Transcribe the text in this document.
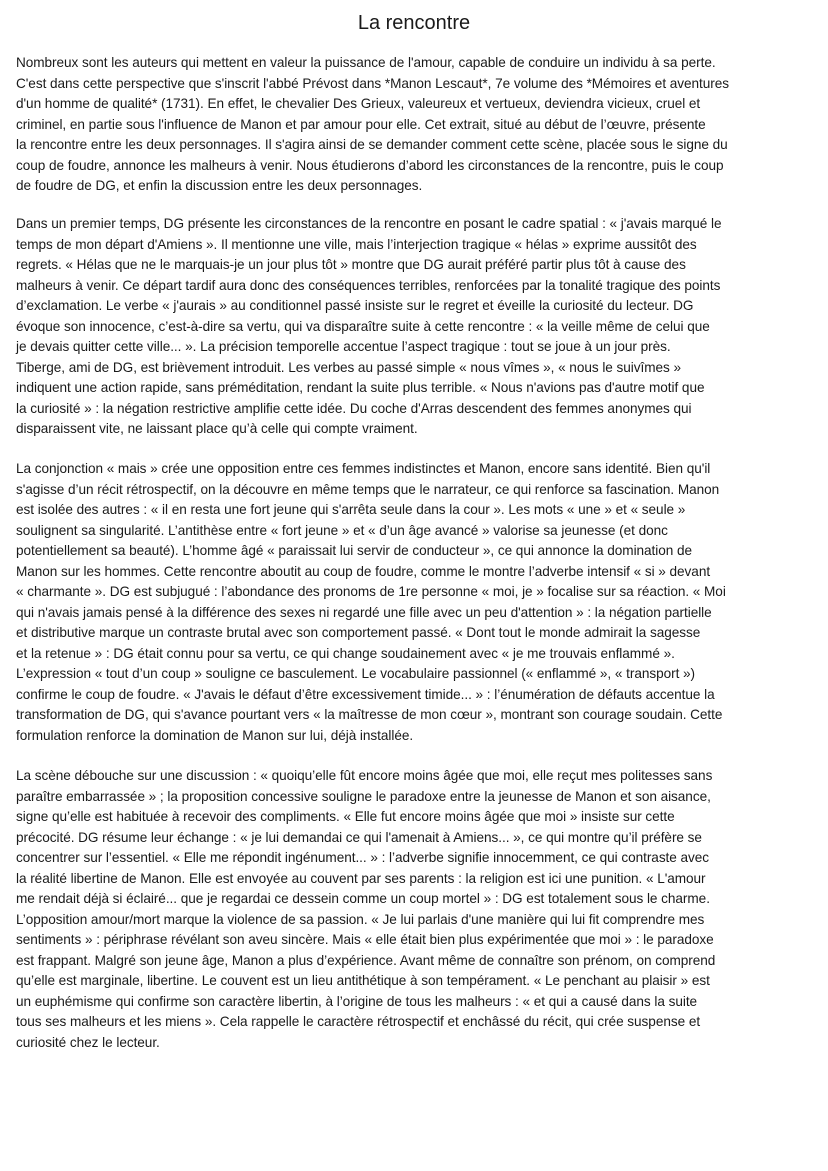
La rencontre
Nombreux sont les auteurs qui mettent en valeur la puissance de l'amour, capable de conduire un individu à sa perte.
C'est dans cette perspective que s'inscrit l'abbé Prévost dans *Manon Lescaut*, 7e volume des *Mémoires et aventures
d'un homme de qualité* (1731). En effet, le chevalier Des Grieux, valeureux et vertueux, deviendra vicieux, cruel et
criminel, en partie sous l'influence de Manon et par amour pour elle. Cet extrait, situé au début de l’œuvre, présente
la rencontre entre les deux personnages. Il s'agira ainsi de se demander comment cette scène, placée sous le signe du
coup de foudre, annonce les malheurs à venir. Nous étudierons d’abord les circonstances de la rencontre, puis le coup
de foudre de DG, et enfin la discussion entre les deux personnages.
Dans un premier temps, DG présente les circonstances de la rencontre en posant le cadre spatial : « j'avais marqué le
temps de mon départ d'Amiens ». Il mentionne une ville, mais l’interjection tragique « hélas » exprime aussitôt des
regrets. « Hélas que ne le marquais-je un jour plus tôt » montre que DG aurait préféré partir plus tôt à cause des
malheurs à venir. Ce départ tardif aura donc des conséquences terribles, renforcées par la tonalité tragique des points
d’exclamation. Le verbe « j'aurais » au conditionnel passé insiste sur le regret et éveille la curiosité du lecteur. DG
évoque son innocence, c’est-à-dire sa vertu, qui va disparaître suite à cette rencontre : « la veille même de celui que
je devais quitter cette ville... ». La précision temporelle accentue l’aspect tragique : tout se joue à un jour près.
Tiberge, ami de DG, est brièvement introduit. Les verbes au passé simple « nous vîmes », « nous le suivîmes »
indiquent une action rapide, sans préméditation, rendant la suite plus terrible. « Nous n'avions pas d'autre motif que
la curiosité » : la négation restrictive amplifie cette idée. Du coche d'Arras descendent des femmes anonymes qui
disparaissent vite, ne laissant place qu’à celle qui compte vraiment.
La conjonction « mais » crée une opposition entre ces femmes indistinctes et Manon, encore sans identité. Bien qu'il
s'agisse d’un récit rétrospectif, on la découvre en même temps que le narrateur, ce qui renforce sa fascination. Manon
est isolée des autres : « il en resta une fort jeune qui s'arrêta seule dans la cour ». Les mots « une » et « seule »
soulignent sa singularité. L’antithèse entre « fort jeune » et « d’un âge avancé » valorise sa jeunesse (et donc
potentiellement sa beauté). L’homme âgé « paraissait lui servir de conducteur », ce qui annonce la domination de
Manon sur les hommes. Cette rencontre aboutit au coup de foudre, comme le montre l’adverbe intensif « si » devant
« charmante ». DG est subjugué : l’abondance des pronoms de 1re personne « moi, je » focalise sur sa réaction. « Moi
qui n'avais jamais pensé à la différence des sexes ni regardé une fille avec un peu d'attention » : la négation partielle
et distributive marque un contraste brutal avec son comportement passé. « Dont tout le monde admirait la sagesse
et la retenue » : DG était connu pour sa vertu, ce qui change soudainement avec « je me trouvais enflammé ».
L’expression « tout d’un coup » souligne ce basculement. Le vocabulaire passionnel (« enflammé », « transport »)
confirme le coup de foudre. « J'avais le défaut d’être excessivement timide... » : l’énumération de défauts accentue la
transformation de DG, qui s'avance pourtant vers « la maîtresse de mon cœur », montrant son courage soudain. Cette
formulation renforce la domination de Manon sur lui, déjà installée.
La scène débouche sur une discussion : « quoiqu’elle fût encore moins âgée que moi, elle reçut mes politesses sans
paraître embarrassée » ; la proposition concessive souligne le paradoxe entre la jeunesse de Manon et son aisance,
signe qu’elle est habituée à recevoir des compliments. « Elle fut encore moins âgée que moi » insiste sur cette
précocité. DG résume leur échange : « je lui demandai ce qui l'amenait à Amiens... », ce qui montre qu’il préfère se
concentrer sur l’essentiel. « Elle me répondit ingénument... » : l’adverbe signifie innocemment, ce qui contraste avec
la réalité libertine de Manon. Elle est envoyée au couvent par ses parents : la religion est ici une punition. « L'amour
me rendait déjà si éclairé... que je regardai ce dessein comme un coup mortel » : DG est totalement sous le charme.
L’opposition amour/mort marque la violence de sa passion. « Je lui parlais d'une manière qui lui fit comprendre mes
sentiments » : périphrase révélant son aveu sincère. Mais « elle était bien plus expérimentée que moi » : le paradoxe
est frappant. Malgré son jeune âge, Manon a plus d’expérience. Avant même de connaître son prénom, on comprend
qu’elle est marginale, libertine. Le couvent est un lieu antithétique à son tempérament. « Le penchant au plaisir » est
un euphémisme qui confirme son caractère libertin, à l’origine de tous les malheurs : « et qui a causé dans la suite
tous ses malheurs et les miens ». Cela rappelle le caractère rétrospectif et enchâssé du récit, qui crée suspense et
curiosité chez le lecteur.
